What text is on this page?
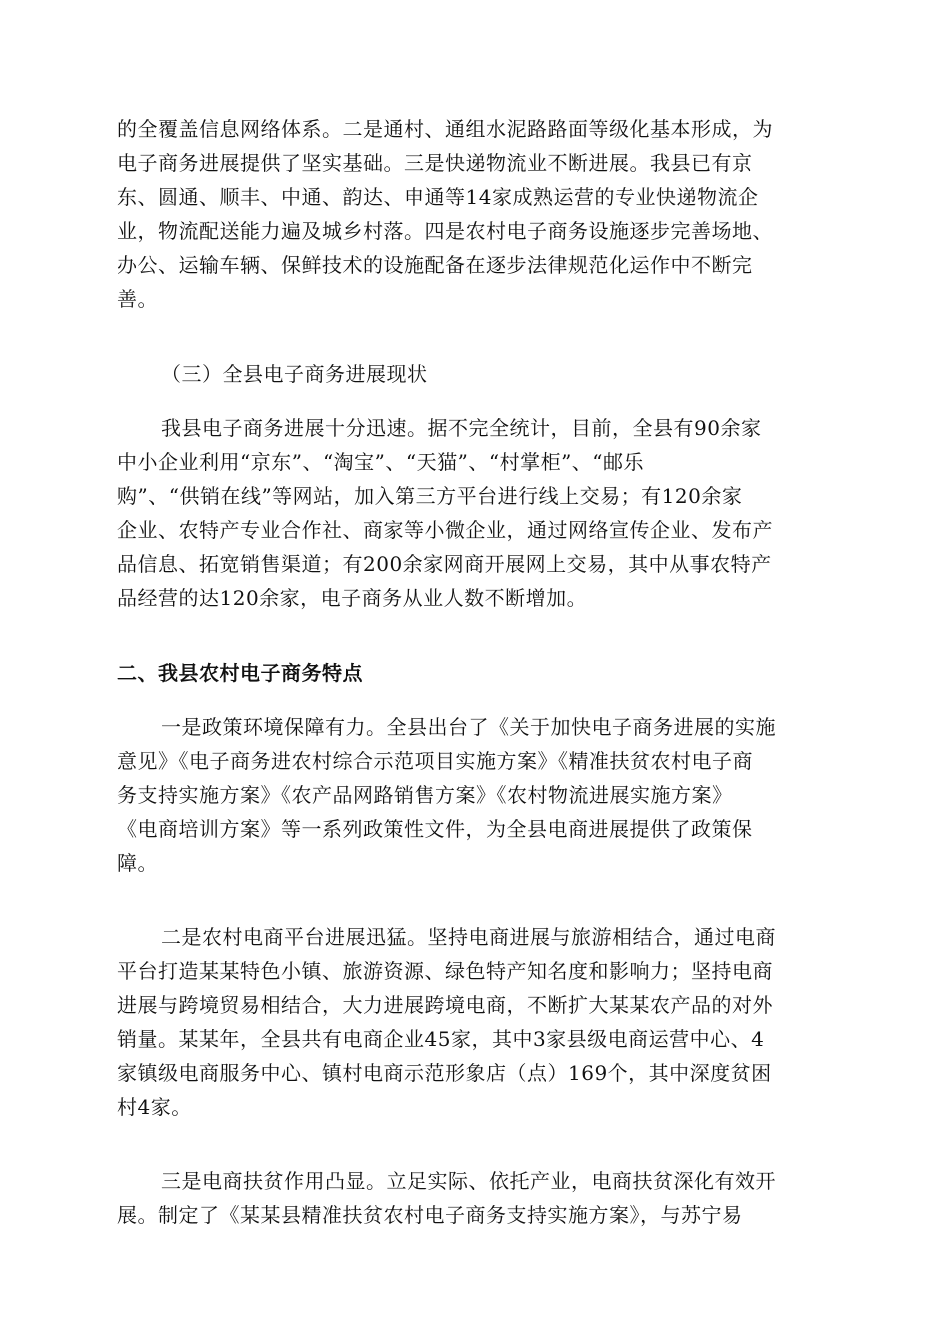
的全覆盖信息网络体系。二是通村、通组水泥路路面等级化基本形成，为
电子商务进展提供了坚实基础。三是快递物流业不断进展。我县已有京
东、圆通、顺丰、中通、韵达、申通等14家成熟运营的专业快递物流企
业，物流配送能力遍及城乡村落。四是农村电子商务设施逐步完善场地、
办公、运输车辆、保鲜技术的设施配备在逐步法律规范化运作中不断完
善。
（三）全县电子商务进展现状
我县电子商务进展十分迅速。据不完全统计，目前，全县有90余家
中小企业利用“京东”、“淘宝”、“天猫”、“村掌柜”、“邮乐
购”、“供销在线”等网站，加入第三方平台进行线上交易；有120余家
企业、农特产专业合作社、商家等小微企业，通过网络宣传企业、发布产
品信息、拓宽销售渠道；有200余家网商开展网上交易，其中从事农特产
品经营的达120余家，电子商务从业人数不断增加。
二、我县农村电子商务特点
一是政策环境保障有力。全县出台了《关于加快电子商务进展的实施
意见》《电子商务进农村综合示范项目实施方案》《精准扶贫农村电子商
务支持实施方案》《农产品网路销售方案》《农村物流进展实施方案》
《电商培训方案》等一系列政策性文件，为全县电商进展提供了政策保
障。
二是农村电商平台进展迅猛。坚持电商进展与旅游相结合，通过电商
平台打造某某特色小镇、旅游资源、绿色特产知名度和影响力；坚持电商
进展与跨境贸易相结合，大力进展跨境电商，不断扩大某某农产品的对外
销量。某某年，全县共有电商企业45家，其中3家县级电商运营中心、4
家镇级电商服务中心、镇村电商示范形象店（点）169个，其中深度贫困
村4家。
三是电商扶贫作用凸显。立足实际、依托产业，电商扶贫深化有效开
展。制定了《某某县精准扶贫农村电子商务支持实施方案》，与苏宁易
